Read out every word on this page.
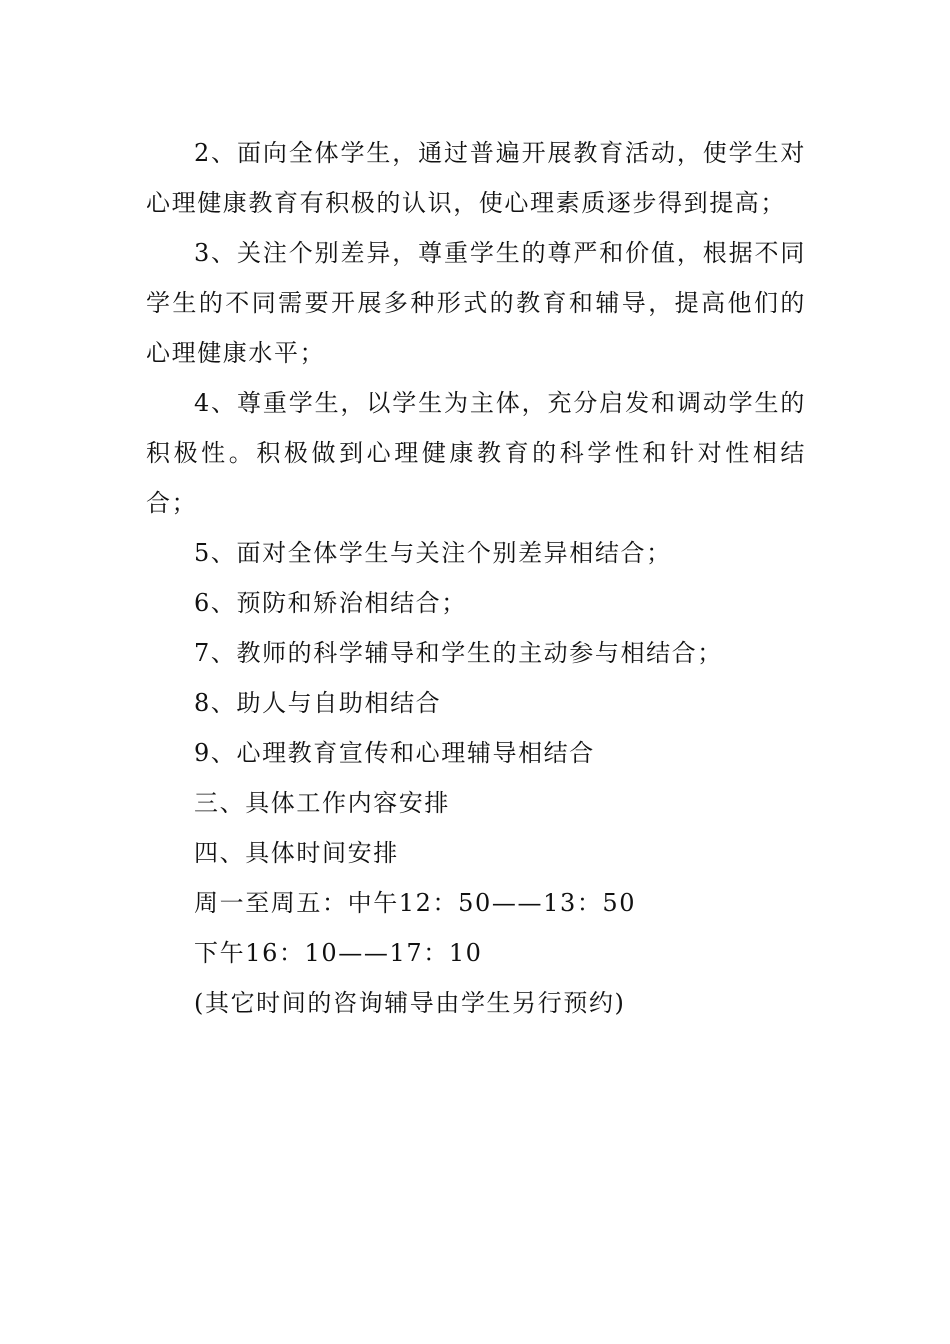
2、面向全体学生，通过普遍开展教育活动，使学生对心理健康教育有积极的认识，使心理素质逐步得到提高；

3、关注个别差异，尊重学生的尊严和价值，根据不同学生的不同需要开展多种形式的教育和辅导，提高他们的心理健康水平；

4、尊重学生，以学生为主体，充分启发和调动学生的积极性。积极做到心理健康教育的科学性和针对性相结合；

5、面对全体学生与关注个别差异相结合；

6、预防和矫治相结合；

7、教师的科学辅导和学生的主动参与相结合；

8、助人与自助相结合

9、心理教育宣传和心理辅导相结合

三、具体工作内容安排

四、具体时间安排

周一至周五：中午12：50——13：50

下午16：10——17：10

(其它时间的咨询辅导由学生另行预约)
